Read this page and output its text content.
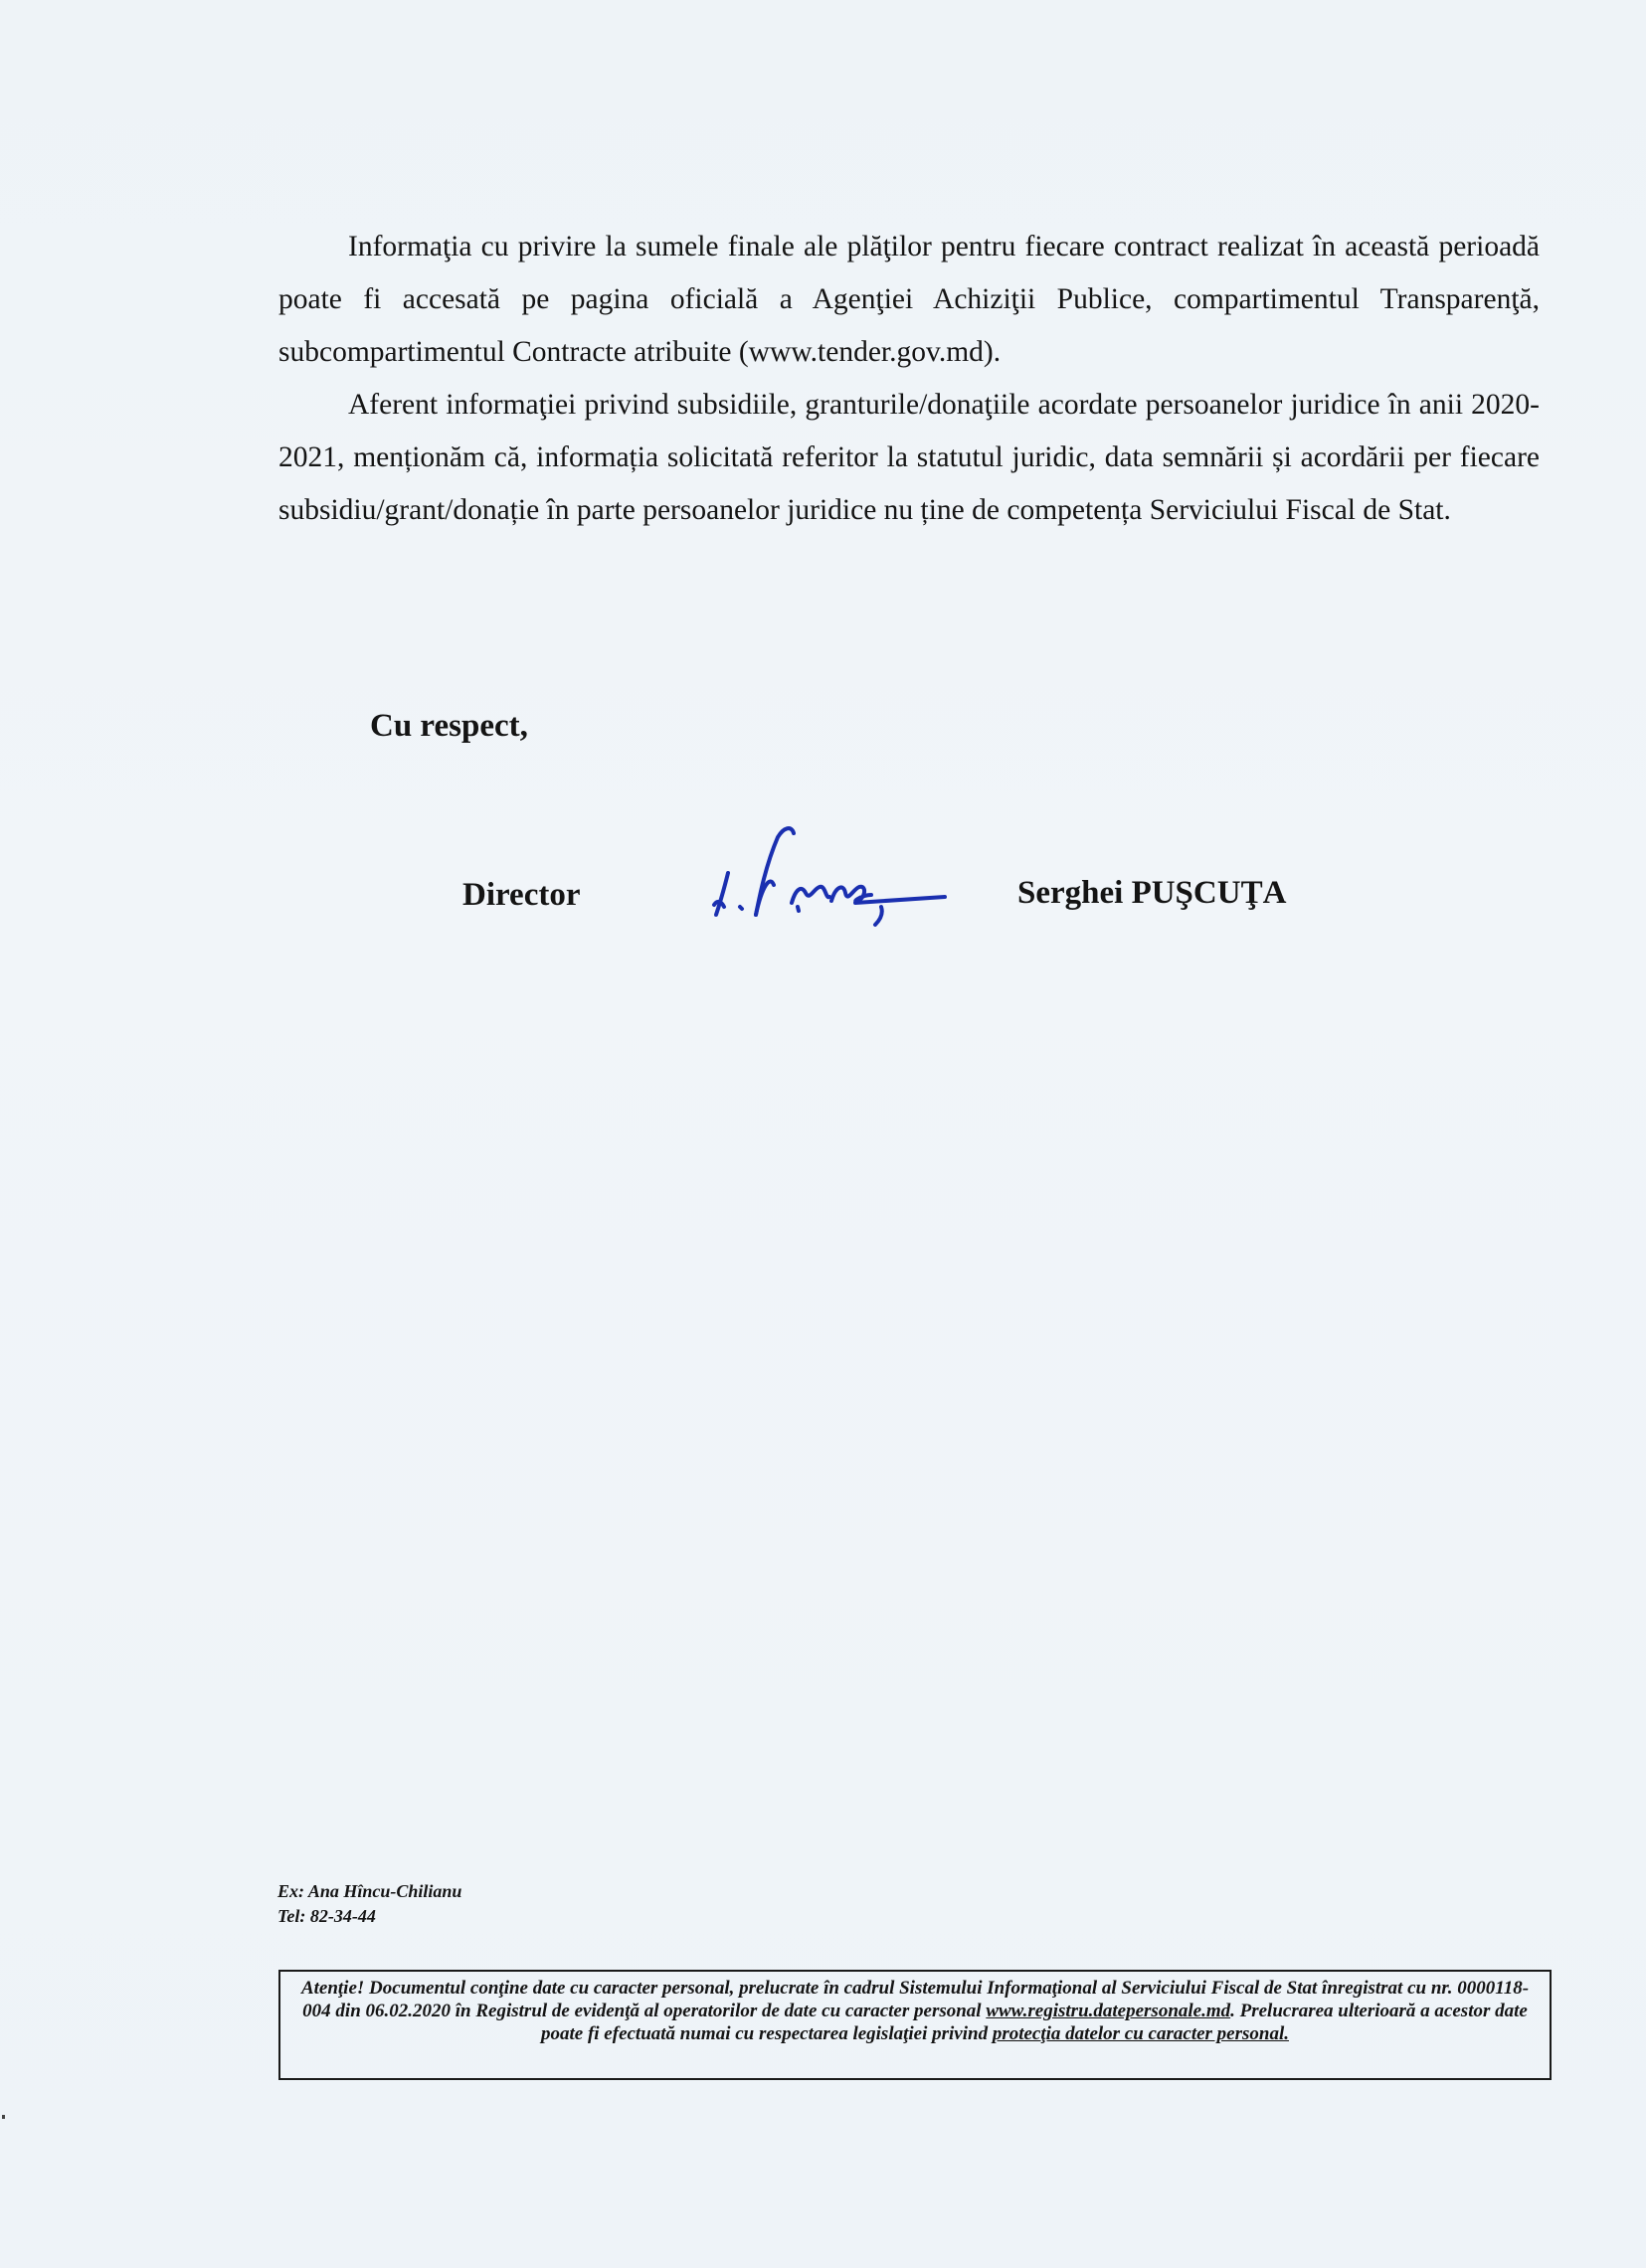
Informaţia cu privire la sumele finale ale plăţilor pentru fiecare contract realizat în această perioadă poate fi accesată pe pagina oficială a Agenţiei Achiziţii Publice, compartimentul Transparenţă, subcompartimentul Contracte atribuite (www.tender.gov.md).

Aferent informaţiei privind subsidiile, granturile/donaţiile acordate persoanelor juridice în anii 2020-2021, menționăm că, informația solicitată referitor la statutul juridic, data semnării și acordării per fiecare subsidiu/grant/donație în parte persoanelor juridice nu ține de competența Serviciului Fiscal de Stat.

Cu respect,
Director	Serghei PUŞCUŢA
Ex: Ana Hîncu-Chilianu
Tel: 82-34-44
Atenţie! Documentul conţine date cu caracter personal, prelucrate în cadrul Sistemului Informaţional al Serviciului Fiscal de Stat înregistrat cu nr. 0000118- 004 din 06.02.2020 în Registrul de evidenţă al operatorilor de date cu caracter personal www.registru.datepersonale.md. Prelucrarea ulterioară a acestor date poate fi efectuată numai cu respectarea legislaţiei privind protecţia datelor cu caracter personal.
